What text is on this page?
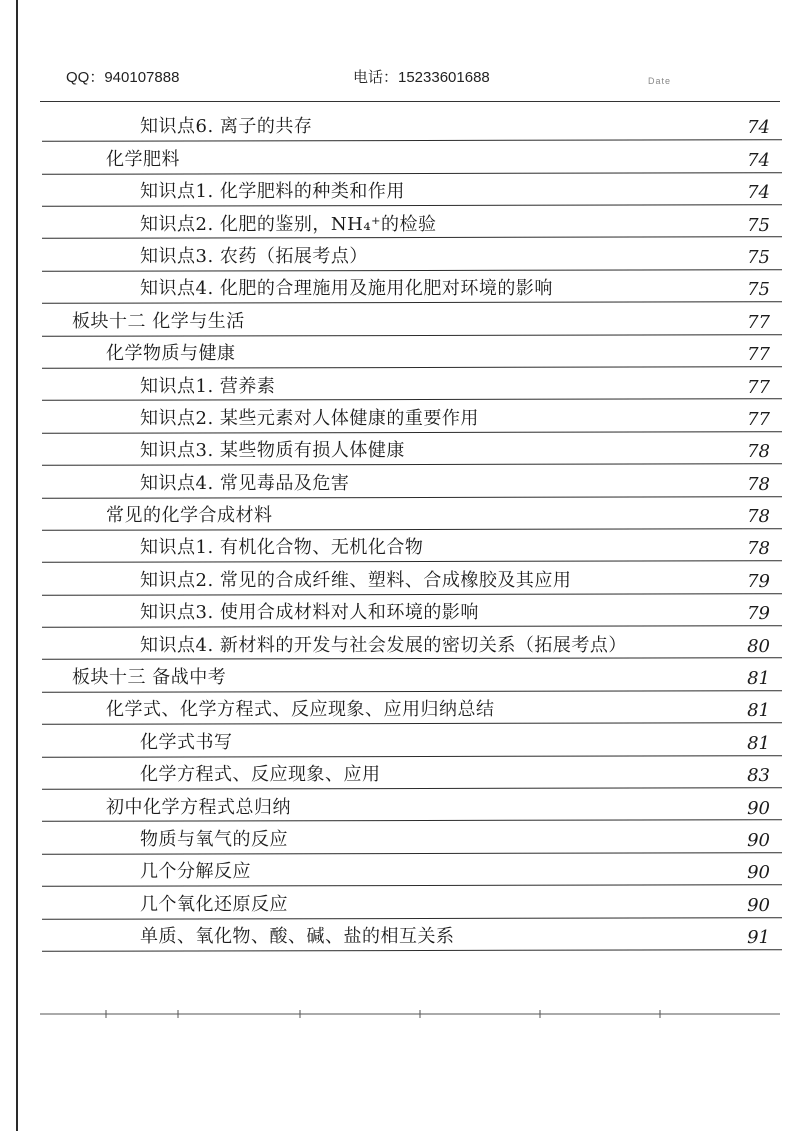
QQ：940107888	电话：15233601688	Date
知识点6. 离子的共存	74
化学肥料	74
知识点1. 化学肥料的种类和作用	74
知识点2. 化肥的鉴别，NH₄⁺的检验	75
知识点3. 农药（拓展考点）	75
知识点4. 化肥的合理施用及施用化肥对环境的影响	75
板块十二 化学与生活	77
化学物质与健康	77
知识点1. 营养素	77
知识点2. 某些元素对人体健康的重要作用	77
知识点3. 某些物质有损人体健康	78
知识点4. 常见毒品及危害	78
常见的化学合成材料	78
知识点1. 有机化合物、无机化合物	78
知识点2. 常见的合成纤维、塑料、合成橡胶及其应用	79
知识点3. 使用合成材料对人和环境的影响	79
知识点4. 新材料的开发与社会发展的密切关系（拓展考点）	80
板块十三 备战中考	81
化学式、化学方程式、反应现象、应用归纳总结	81
化学式书写	81
化学方程式、反应现象、应用	83
初中化学方程式总归纳	90
物质与氧气的反应	90
几个分解反应	90
几个氧化还原反应	90
单质、氧化物、酸、碱、盐的相互关系	91
